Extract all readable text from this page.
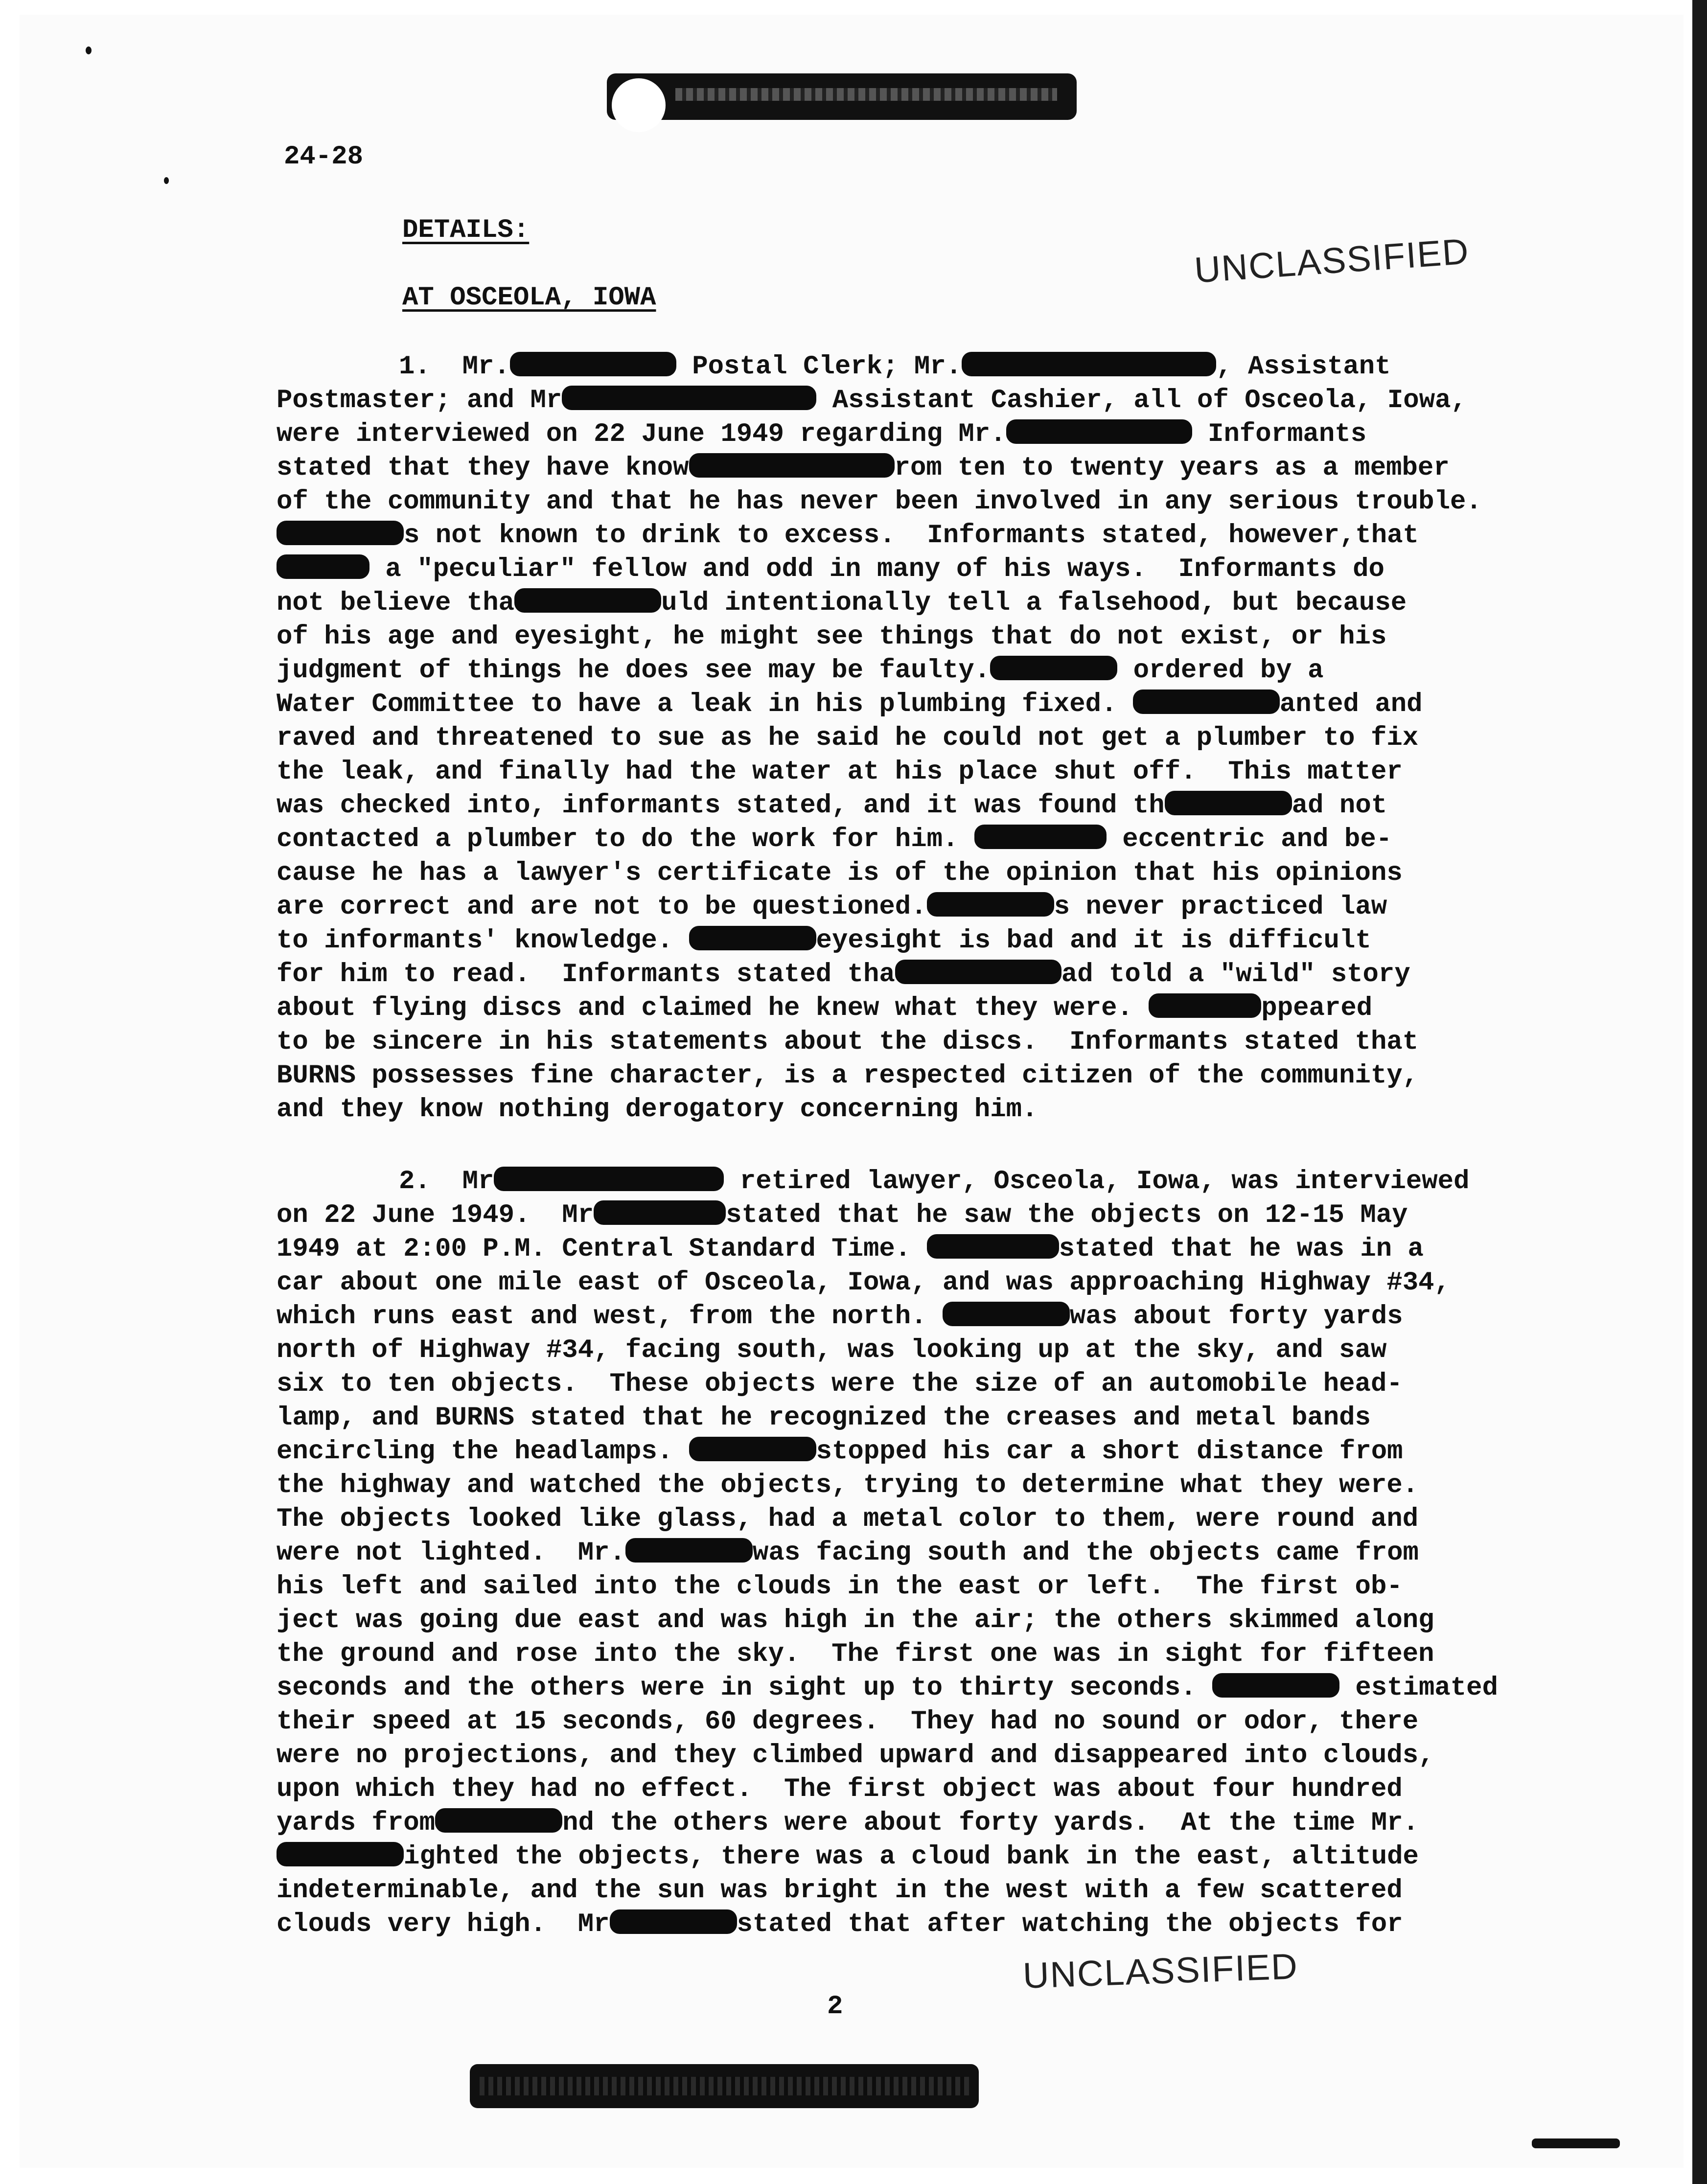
24-28
DETAILS:
AT OSCEOLA, IOWA
UNCLASSIFIED
1.  Mr.	Postal Clerk; Mr.	, Assistant
Postmaster; and Mr	Assistant Cashier, all of Osceola, Iowa,
were interviewed on 22 June 1949 regarding Mr.	Informants
stated that they have know	rom ten to twenty years as a member
of the community and that he has never been involved in any serious trouble.
s not known to drink to excess.  Informants stated, however,that
a "peculiar" fellow and odd in many of his ways.  Informants do
not believe tha	uld intentionally tell a falsehood, but because
of his age and eyesight, he might see things that do not exist, or his
judgment of things he does see may be faulty.	ordered by a
Water Committee to have a leak in his plumbing fixed.	anted and
raved and threatened to sue as he said he could not get a plumber to fix
the leak, and finally had the water at his place shut off.  This matter
was checked into, informants stated, and it was found th	ad not
contacted a plumber to do the work for him.	eccentric and be-
cause he has a lawyer's certificate is of the opinion that his opinions
are correct and are not to be questioned.	s never practiced law
to informants' knowledge.	eyesight is bad and it is difficult
for him to read.  Informants stated tha	ad told a "wild" story
about flying discs and claimed he knew what they were.	ppeared
to be sincere in his statements about the discs.  Informants stated that
BURNS possesses fine character, is a respected citizen of the community,
and they know nothing derogatory concerning him.
2.  Mr	retired lawyer, Osceola, Iowa, was interviewed
on 22 June 1949.  Mr	stated that he saw the objects on 12-15 May
1949 at 2:00 P.M. Central Standard Time.	stated that he was in a
car about one mile east of Osceola, Iowa, and was approaching Highway #34,
which runs east and west, from the north.	was about forty yards
north of Highway #34, facing south, was looking up at the sky, and saw
six to ten objects.  These objects were the size of an automobile head-
lamp, and BURNS stated that he recognized the creases and metal bands
encircling the headlamps.	stopped his car a short distance from
the highway and watched the objects, trying to determine what they were.
The objects looked like glass, had a metal color to them, were round and
were not lighted.  Mr.	was facing south and the objects came from
his left and sailed into the clouds in the east or left.  The first ob-
ject was going due east and was high in the air; the others skimmed along
the ground and rose into the sky.  The first one was in sight for fifteen
seconds and the others were in sight up to thirty seconds.	estimated
their speed at 15 seconds, 60 degrees.  They had no sound or odor, there
were no projections, and they climbed upward and disappeared into clouds,
upon which they had no effect.  The first object was about four hundred
yards from	nd the others were about forty yards.  At the time Mr.
ighted the objects, there was a cloud bank in the east, altitude
indeterminable, and the sun was bright in the west with a few scattered
clouds very high.  Mr	stated that after watching the objects for
UNCLASSIFIED
2
